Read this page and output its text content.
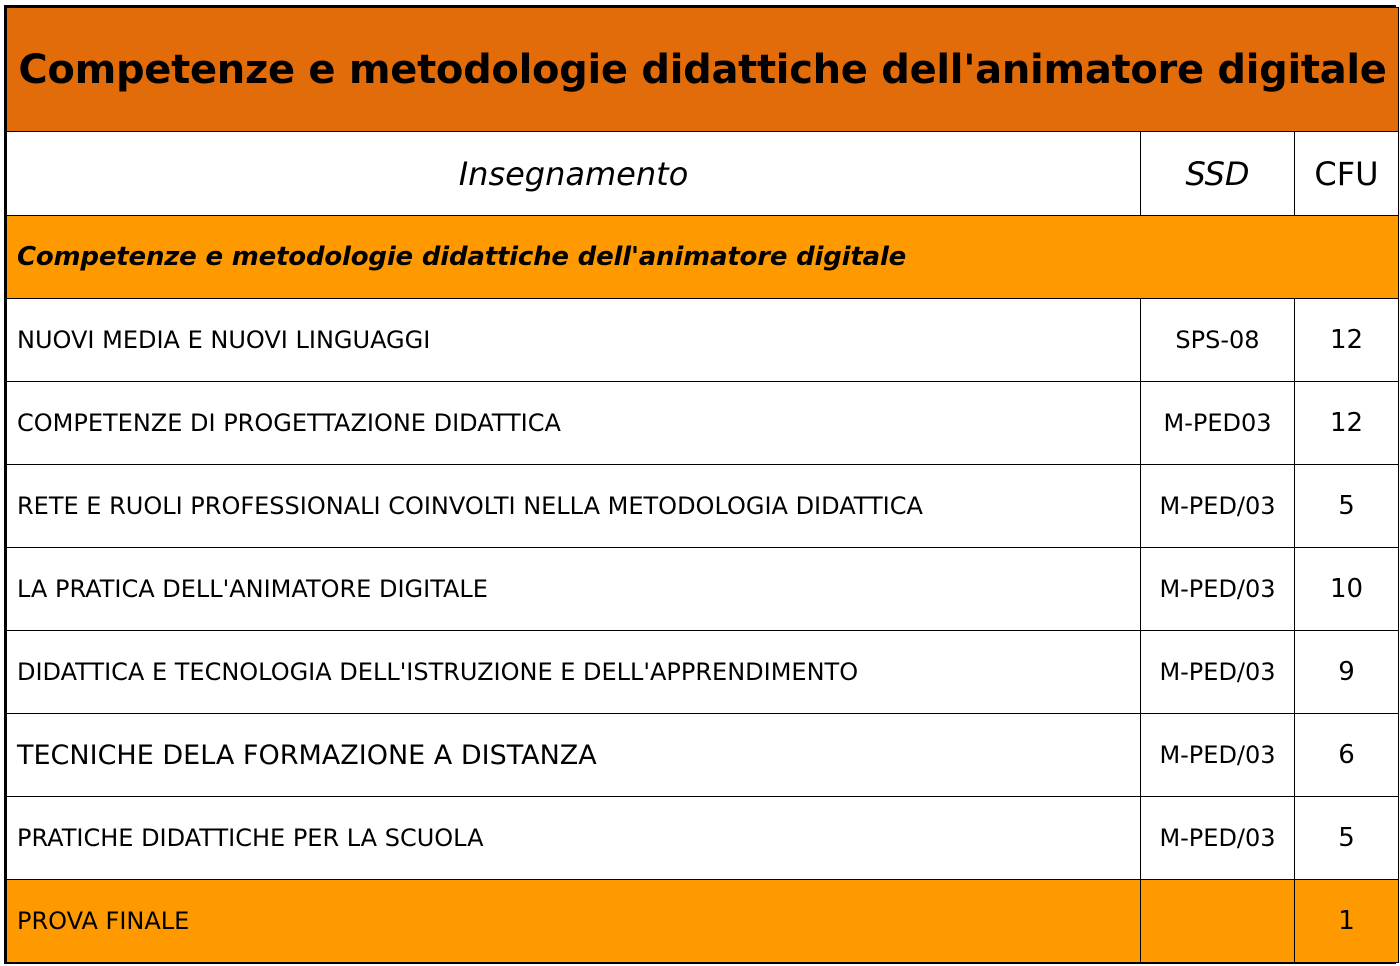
Competenze e metodologie didattiche dell'animatore digitale		
Insegnamento	SSD	CFU
Competenze e metodologie didattiche dell'animatore digitale		
NUOVI MEDIA E NUOVI LINGUAGGI	SPS-08	12
COMPETENZE DI PROGETTAZIONE DIDATTICA	M-PED03	12
RETE E RUOLI PROFESSIONALI COINVOLTI NELLA METODOLOGIA DIDATTICA	M-PED/03	5
LA PRATICA DELL'ANIMATORE DIGITALE	M-PED/03	10
DIDATTICA E TECNOLOGIA DELL'ISTRUZIONE E DELL'APPRENDIMENTO	M-PED/03	9
TECNICHE DELA FORMAZIONE A DISTANZA	M-PED/03	6
PRATICHE DIDATTICHE PER LA SCUOLA	M-PED/03	5
PROVA FINALE		1
